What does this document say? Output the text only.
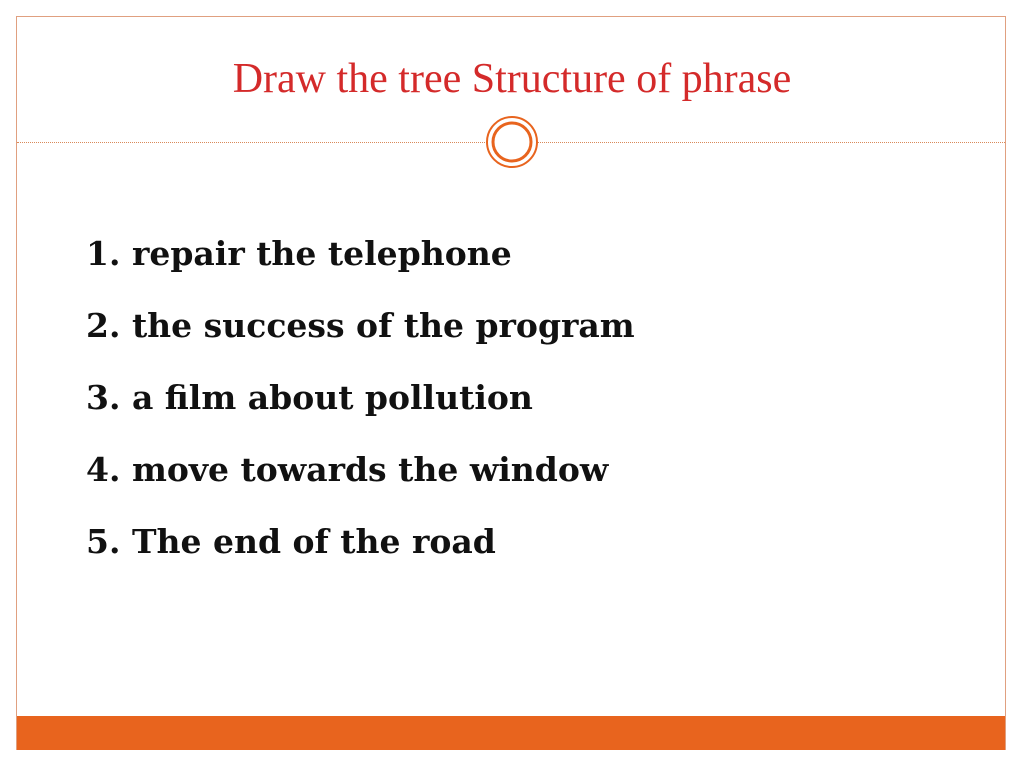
Draw the tree Structure of phrase
1. repair the telephone
2. the success of the program
3. a film about pollution
4. move towards the window
5. The end of the road
